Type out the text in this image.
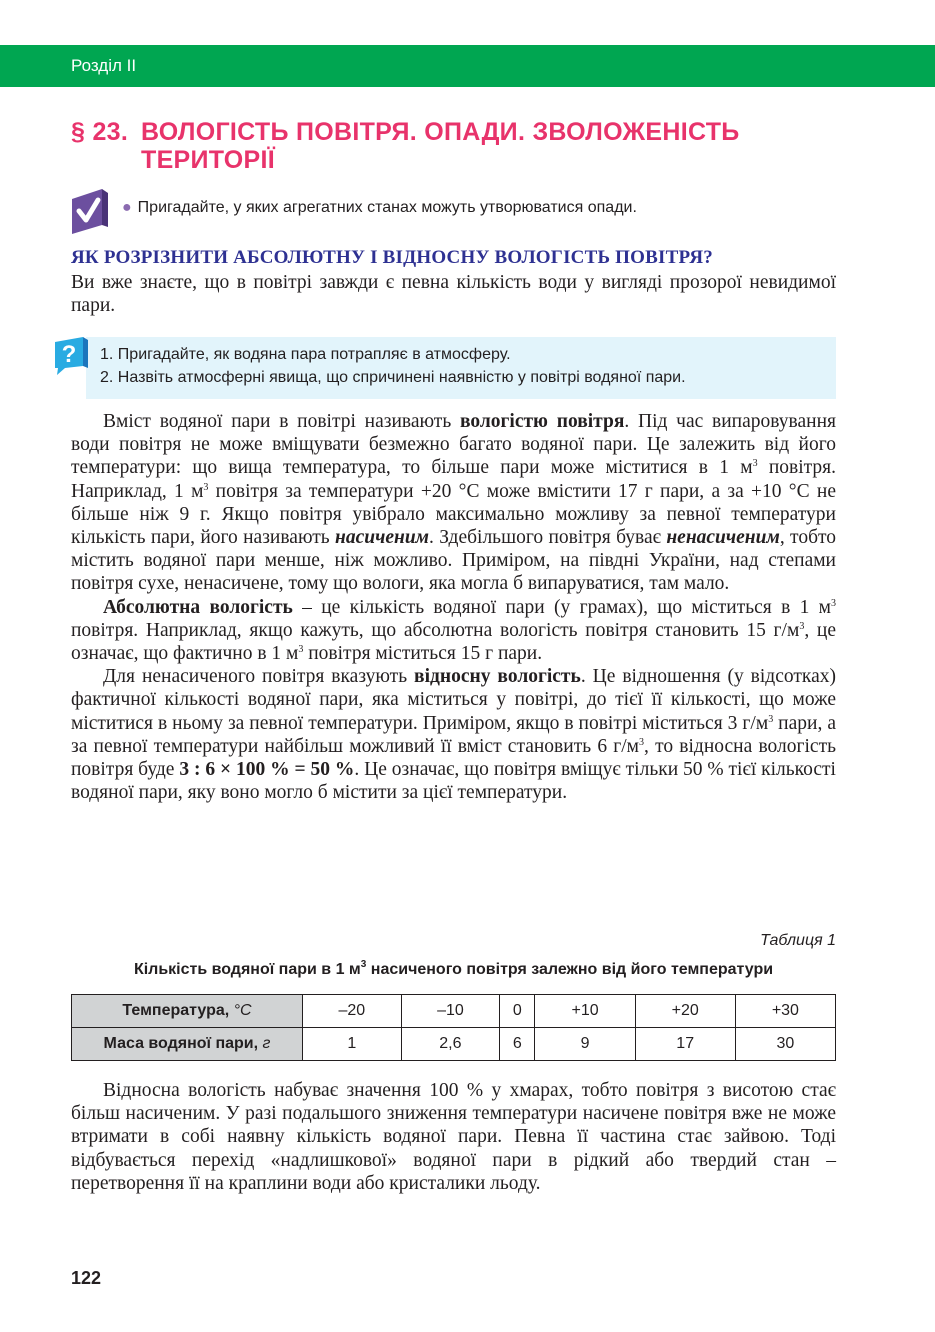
Розділ II
§ 23. ВОЛОГІСТЬ ПОВІТРЯ. ОПАДИ. ЗВОЛОЖЕНІСТЬ
ТЕРИТОРІЇ
● Пригадайте, у яких агрегатних станах можуть утворюватися опади.
ЯК РОЗРІЗНИТИ АБСОЛЮТНУ І ВІДНОСНУ ВОЛОГІСТЬ ПОВІТРЯ?

Ви вже знаєте, що в повітрі завжди є певна кількість води у вигляді прозорої невидимої пари.

1. Пригадайте, як водяна пара потрапляє в атмосферу.
2. Назвіть атмосферні явища, що спричинені наявністю у повітрі водяної пари.
?

Вміст водяної пари в повітрі називають вологістю повітря. Під час випаровування води повітря не може вміщувати безмежно багато водяної пари. Це залежить від його температури: що вища температура, то більше пари може міститися в 1 $м^3$ повітря. Наприклад, 1 $м^3$ повітря за температури +20 °С може вмістити 17 г пари, а за +10 °С не більше ніж 9 г. Якщо повітря увібрало максимально можливу за певної температури кількість пари, його називають насиченим. Здебільшого повітря буває ненасиченим, тобто містить водяної пари менше, ніж можливо. Приміром, на півдні України, над степами повітря сухе, ненасичене, тому що вологи, яка могла б випаруватися, там мало.

Абсолютна вологість – це кількість водяної пари (у грамах), що міститься в 1 $м^3$ повітря. Наприклад, якщо кажуть, що абсолютна вологість повітря становить 15 $г/м^3$, це означає, що фактично в 1 $м^3$ повітря міститься 15 г пари.

Для ненасиченого повітря вказують відносну вологість. Це відношення (у відсотках) фактичної кількості водяної пари, яка міститься у повітрі, до тієї її кількості, що може міститися в ньому за певної температури. Приміром, якщо в повітрі міститься 3 $г/м^3$ пари, а за певної температури найбільш можливий її вміст становить 6 $г/м^3$, то відносна вологість повітря буде 3 : 6 × 100 % = 50 %. Це означає, що повітря вміщує тільки 50 % тієї кількості водяної пари, яку воно могло б містити за цієї температури.

Таблиця 1
Кількість водяної пари в 1 $м^3$ насиченого повітря залежно від його температури
Температура, °С	–20	–10	0	+10	+20	+30
Маса водяної пари, г	1	2,6	6	9	17	30

Відносна вологість набуває значення 100 % у хмарах, тобто повітря з висотою стає більш насиченим. У разі подальшого зниження температури насичене повітря вже не може втримати в собі наявну кількість водяної пари. Певна її частина стає зайвою. Тоді відбувається перехід «надлишкової» водяної пари в рідкий або твердий стан – перетворення її на краплини води або кристалики льоду.

122
